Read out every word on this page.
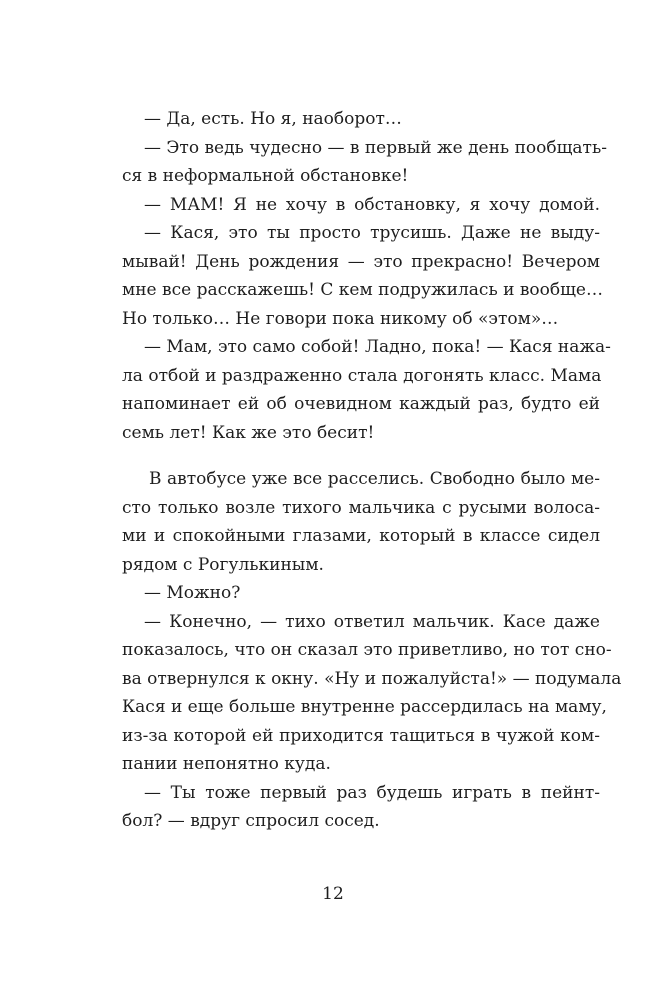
— Да, есть. Но я, наоборот…
— Это ведь чудесно — в первый же день пообщать-
ся в неформальной обстановке!
— МАМ! Я не хочу в обстановку, я хочу домой.
— Кася, это ты просто трусишь. Даже не выду-
мывай! День рождения — это прекрасно! Вечером
мне все расскажешь! С кем подружилась и вообще…
Но только… Не говори пока никому об «этом»…
— Мам, это само собой! Ладно, пока! — Кася нажа-
ла отбой и раздраженно стала догонять класс. Мама
напоминает ей об очевидном каждый раз, будто ей
семь лет! Как же это бесит!
В автобусе уже все расселись. Свободно было ме-
сто только возле тихого мальчика с русыми волоса-
ми и спокойными глазами, который в классе сидел
рядом с Рогулькиным.
— Можно?
— Конечно, — тихо ответил мальчик. Касе даже
показалось, что он сказал это приветливо, но тот сно-
ва отвернулся к окну. «Ну и пожалуйста!» — подумала
Кася и еще больше внутренне рассердилась на маму,
из-за которой ей приходится тащиться в чужой ком-
пании непонятно куда.
— Ты тоже первый раз будешь играть в пейнт-
бол? — вдруг спросил сосед.
12
